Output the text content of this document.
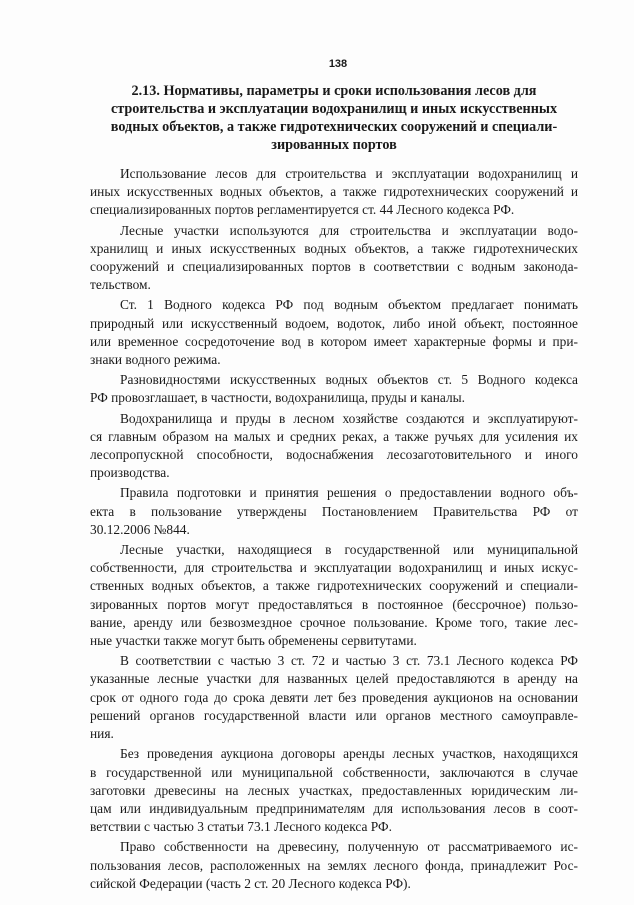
138
2.13. Нормативы, параметры и сроки использования лесов для
строительства и эксплуатации водохранилищ и иных искусственных
водных объектов, а также гидротехнических сооружений и специали-
зированных портов

Использование лесов для строительства и эксплуатации водохранилищ и
иных искусственных водных объектов, а также гидротехнических сооружений и
специализированных портов регламентируется ст. 44 Лесного кодекса РФ.

Лесные участки используются для строительства и эксплуатации водо-
хранилищ и иных искусственных водных объектов, а также гидротехнических
сооружений и специализированных портов в соответствии с водным законода-
тельством.

Ст. 1 Водного кодекса РФ под водным объектом предлагает понимать
природный или искусственный водоем, водоток, либо иной объект, постоянное
или временное сосредоточение вод в котором имеет характерные формы и при-
знаки водного режима.

Разновидностями искусственных водных объектов ст. 5 Водного кодекса
РФ провозглашает, в частности, водохранилища, пруды и каналы.

Водохранилища и пруды в лесном хозяйстве создаются и эксплуатируют-
ся главным образом на малых и средних реках, а также ручьях для усиления их
лесопропускной способности, водоснабжения лесозаготовительного и иного
производства.

Правила подготовки и принятия решения о предоставлении водного объ-
екта в пользование утверждены Постановлением Правительства РФ от
30.12.2006 №844.

Лесные участки, находящиеся в государственной или муниципальной
собственности, для строительства и эксплуатации водохранилищ и иных искус-
ственных водных объектов, а также гидротехнических сооружений и специали-
зированных портов могут предоставляться в постоянное (бессрочное) пользо-
вание, аренду или безвозмездное срочное пользование. Кроме того, такие лес-
ные участки также могут быть обременены сервитутами.

В соответствии с частью 3 ст. 72 и частью 3 ст. 73.1 Лесного кодекса РФ
указанные лесные участки для названных целей предоставляются в аренду на
срок от одного года до срока девяти лет без проведения аукционов на основании
решений органов государственной власти или органов местного самоуправле-
ния.

Без проведения аукциона договоры аренды лесных участков, находящихся
в государственной или муниципальной собственности, заключаются в случае
заготовки древесины на лесных участках, предоставленных юридическим ли-
цам или индивидуальным предпринимателям для использования лесов в соот-
ветствии с частью 3 статьи 73.1 Лесного кодекса РФ.

Право собственности на древесину, полученную от рассматриваемого ис-
пользования лесов, расположенных на землях лесного фонда, принадлежит Рос-
сийской Федерации (часть 2 ст. 20 Лесного кодекса РФ).
